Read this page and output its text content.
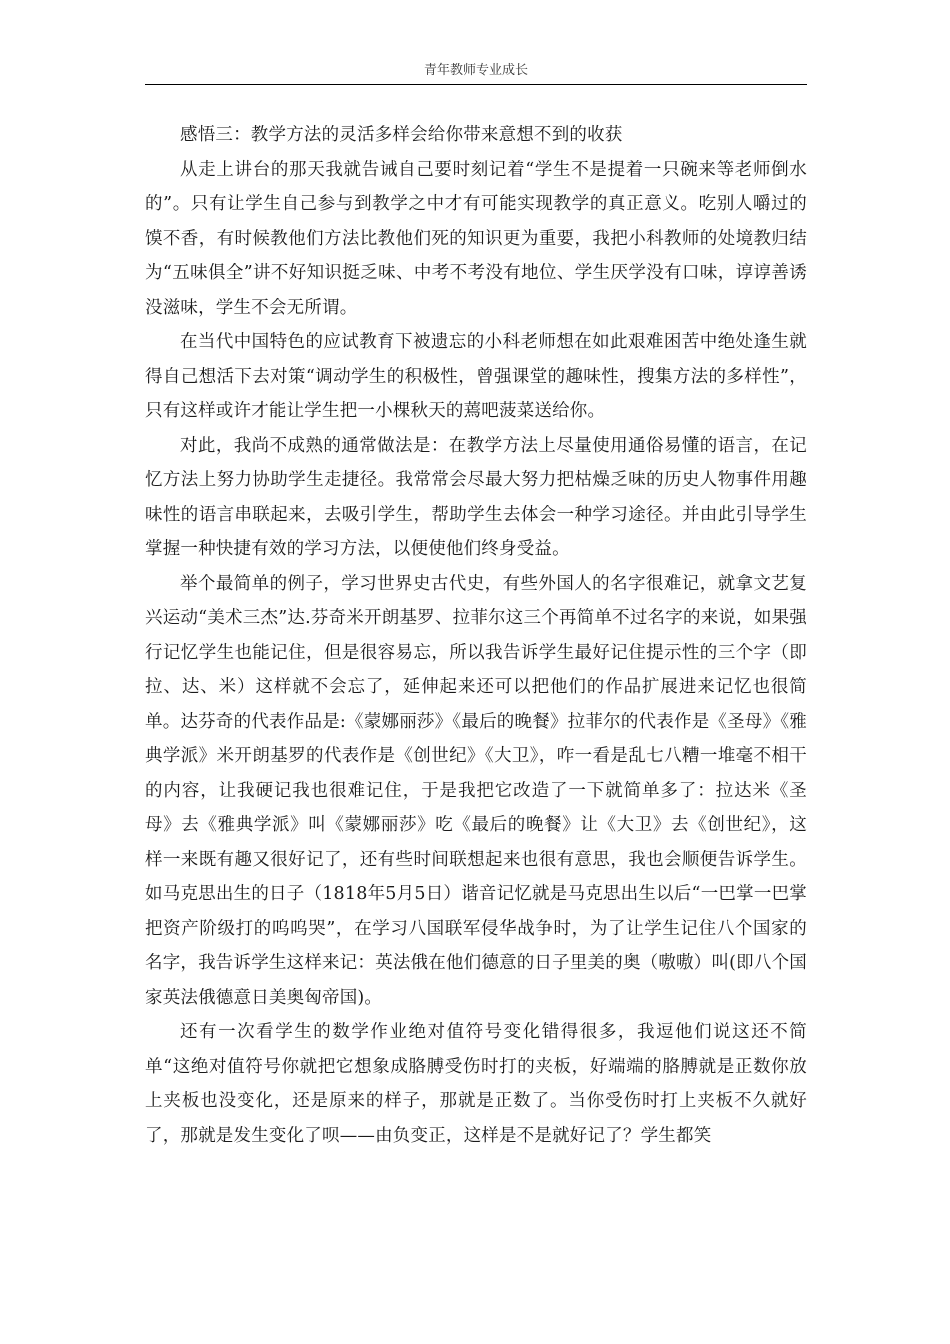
青年教师专业成长

感悟三：教学方法的灵活多样会给你带来意想不到的收获

从走上讲台的那天我就告诫自己要时刻记着“学生不是提着一只碗来等老师倒水的”。只有让学生自己参与到教学之中才有可能实现教学的真正意义。吃别人嚼过的馍不香，有时候教他们方法比教他们死的知识更为重要，我把小科教师的处境教归结为“五味俱全”讲不好知识挺乏味、中考不考没有地位、学生厌学没有口味，谆谆善诱没滋味，学生不会无所谓。

在当代中国特色的应试教育下被遗忘的小科老师想在如此艰难困苦中绝处逢生就得自己想活下去对策“调动学生的积极性，曾强课堂的趣味性，搜集方法的多样性”，只有这样或许才能让学生把一小棵秋天的蔫吧菠菜送给你。

对此，我尚不成熟的通常做法是：在教学方法上尽量使用通俗易懂的语言，在记忆方法上努力协助学生走捷径。我常常会尽最大努力把枯燥乏味的历史人物事件用趣味性的语言串联起来，去吸引学生，帮助学生去体会一种学习途径。并由此引导学生掌握一种快捷有效的学习方法，以便使他们终身受益。

举个最简单的例子，学习世界史古代史，有些外国人的名字很难记，就拿文艺复兴运动“美术三杰”达.芬奇米开朗基罗、拉菲尔这三个再简单不过名字的来说，如果强行记忆学生也能记住，但是很容易忘，所以我告诉学生最好记住提示性的三个字（即拉、达、米）这样就不会忘了，延伸起来还可以把他们的作品扩展进来记忆也很简单。达芬奇的代表作品是:《蒙娜丽莎》《最后的晚餐》拉菲尔的代表作是《圣母》《雅典学派》米开朗基罗的代表作是《创世纪》《大卫》，咋一看是乱七八糟一堆毫不相干的内容，让我硬记我也很难记住，于是我把它改造了一下就简单多了：拉达米《圣母》去《雅典学派》叫《蒙娜丽莎》吃《最后的晚餐》让《大卫》去《创世纪》，这样一来既有趣又很好记了，还有些时间联想起来也很有意思，我也会顺便告诉学生。如马克思出生的日子（1818年5月5日）谐音记忆就是马克思出生以后“一巴掌一巴掌把资产阶级打的呜呜哭”，在学习八国联军侵华战争时，为了让学生记住八个国家的名字，我告诉学生这样来记：英法俄在他们德意的日子里美的奥（嗷嗷）叫(即八个国家英法俄德意日美奥匈帝国)。

还有一次看学生的数学作业绝对值符号变化错得很多，我逗他们说这还不简单“这绝对值符号你就把它想象成胳膊受伤时打的夹板，好端端的胳膊就是正数你放上夹板也没变化，还是原来的样子，那就是正数了。当你受伤时打上夹板不久就好了，那就是发生变化了呗——由负变正，这样是不是就好记了？学生都笑
